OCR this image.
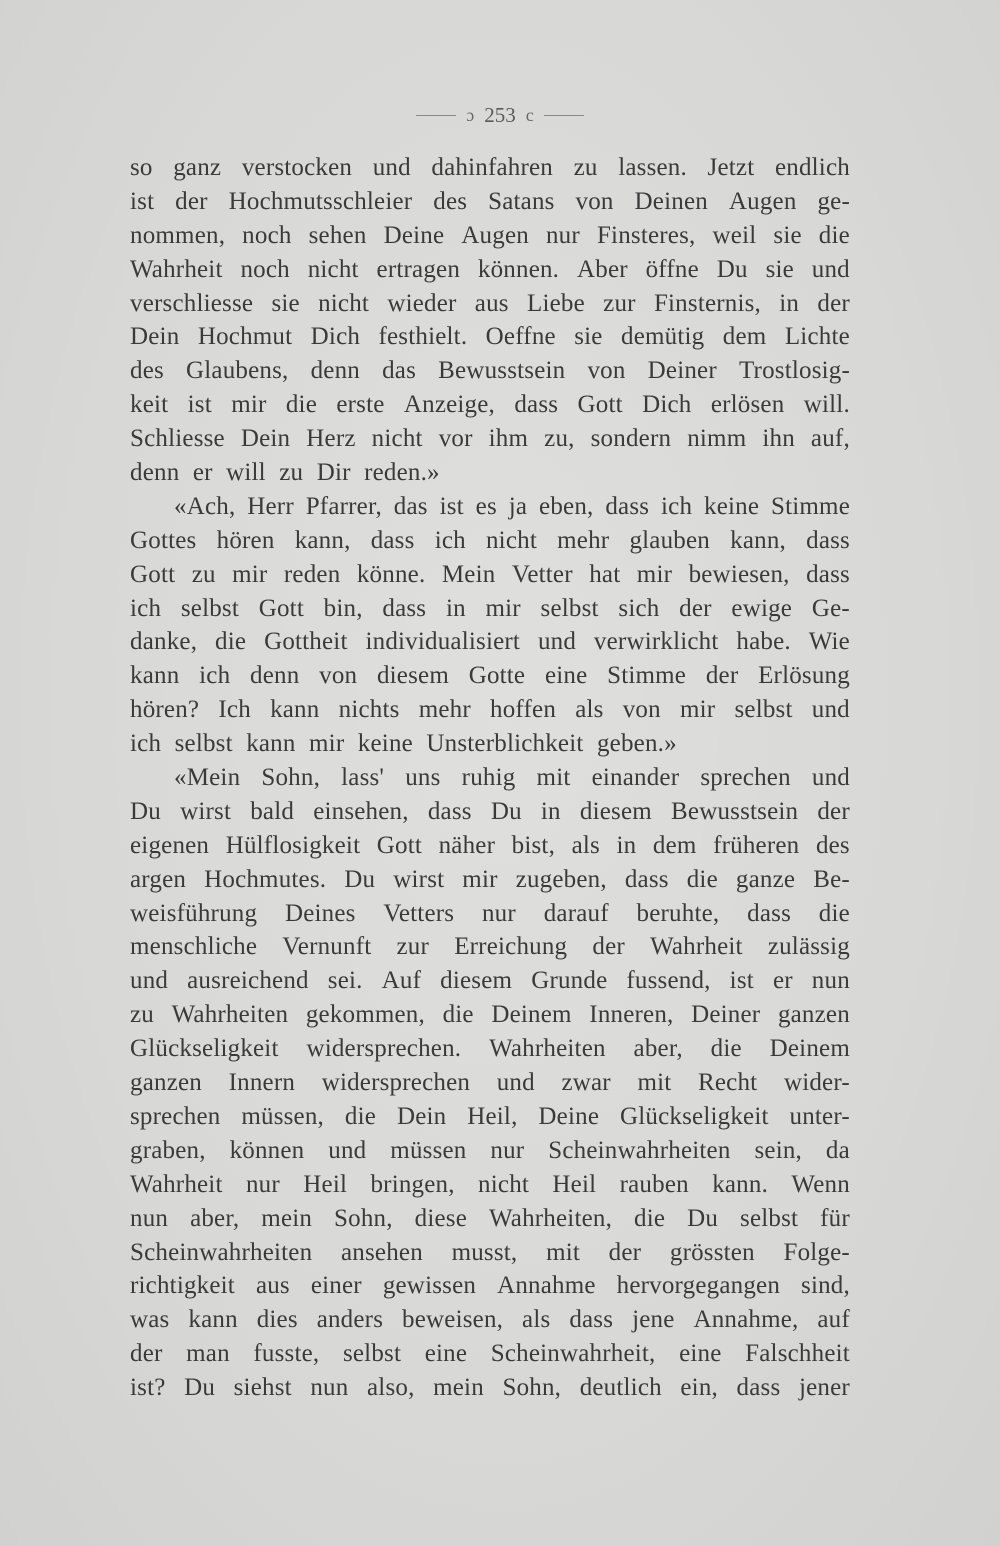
ɔ 253 c
so ganz verstocken und dahinfahren zu lassen. Jetzt endlich
ist der Hochmutsschleier des Satans von Deinen Augen ge-
nommen, noch sehen Deine Augen nur Finsteres, weil sie die
Wahrheit noch nicht ertragen können. Aber öffne Du sie und
verschliesse sie nicht wieder aus Liebe zur Finsternis, in der
Dein Hochmut Dich festhielt. Oeffne sie demütig dem Lichte
des Glaubens, denn das Bewusstsein von Deiner Trostlosig-
keit ist mir die erste Anzeige, dass Gott Dich erlösen will.
Schliesse Dein Herz nicht vor ihm zu, sondern nimm ihn auf,
denn er will zu Dir reden.»
«Ach, Herr Pfarrer, das ist es ja eben, dass ich keine Stimme
Gottes hören kann, dass ich nicht mehr glauben kann, dass
Gott zu mir reden könne. Mein Vetter hat mir bewiesen, dass
ich selbst Gott bin, dass in mir selbst sich der ewige Ge-
danke, die Gottheit individualisiert und verwirklicht habe. Wie
kann ich denn von diesem Gotte eine Stimme der Erlösung
hören? Ich kann nichts mehr hoffen als von mir selbst und
ich selbst kann mir keine Unsterblichkeit geben.»
«Mein Sohn, lass' uns ruhig mit einander sprechen und
Du wirst bald einsehen, dass Du in diesem Bewusstsein der
eigenen Hülflosigkeit Gott näher bist, als in dem früheren des
argen Hochmutes. Du wirst mir zugeben, dass die ganze Be-
weisführung Deines Vetters nur darauf beruhte, dass die
menschliche Vernunft zur Erreichung der Wahrheit zulässig
und ausreichend sei. Auf diesem Grunde fussend, ist er nun
zu Wahrheiten gekommen, die Deinem Inneren, Deiner ganzen
Glückseligkeit widersprechen. Wahrheiten aber, die Deinem
ganzen Innern widersprechen und zwar mit Recht wider-
sprechen müssen, die Dein Heil, Deine Glückseligkeit unter-
graben, können und müssen nur Scheinwahrheiten sein, da
Wahrheit nur Heil bringen, nicht Heil rauben kann. Wenn
nun aber, mein Sohn, diese Wahrheiten, die Du selbst für
Scheinwahrheiten ansehen musst, mit der grössten Folge-
richtigkeit aus einer gewissen Annahme hervorgegangen sind,
was kann dies anders beweisen, als dass jene Annahme, auf
der man fusste, selbst eine Scheinwahrheit, eine Falschheit
ist? Du siehst nun also, mein Sohn, deutlich ein, dass jener
